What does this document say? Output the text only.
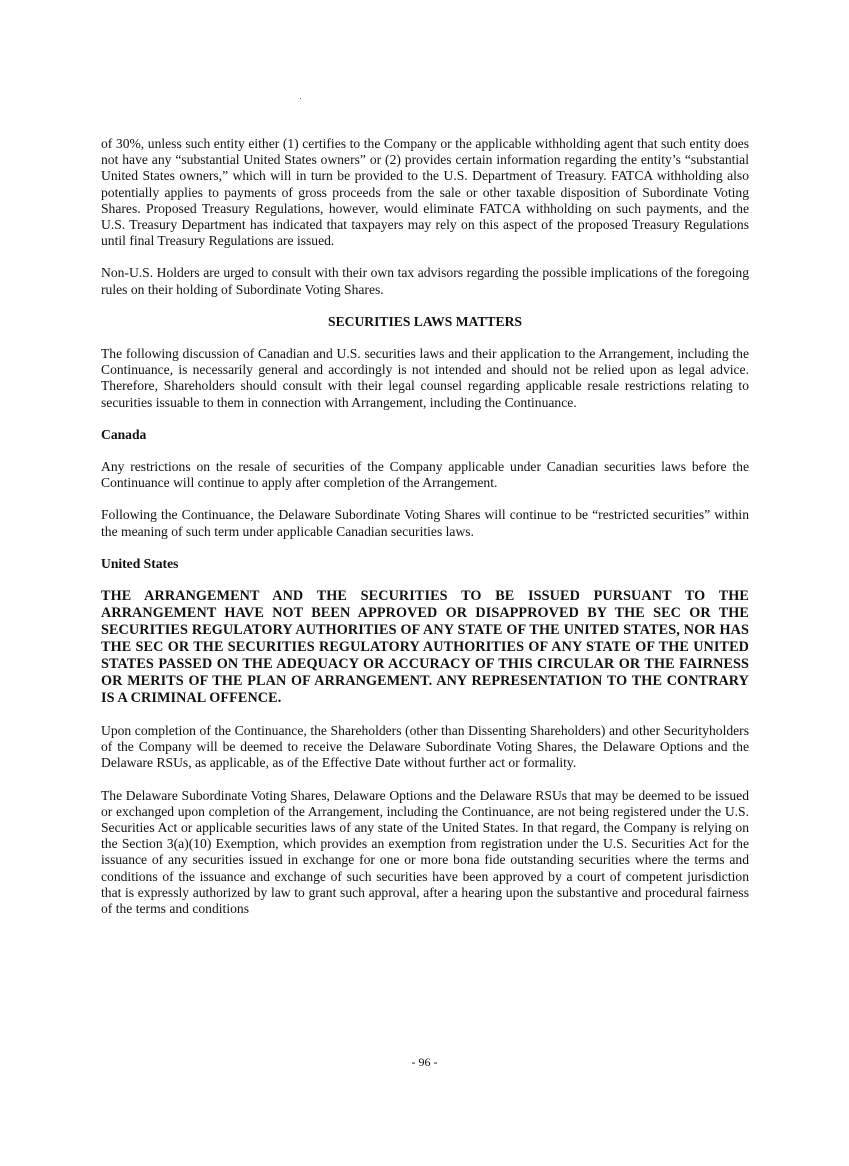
of 30%, unless such entity either (1) certifies to the Company or the applicable withholding agent that such entity does not have any “substantial United States owners” or (2) provides certain information regarding the entity’s “substantial United States owners,” which will in turn be provided to the U.S. Department of Treasury. FATCA withholding also potentially applies to payments of gross proceeds from the sale or other taxable disposition of Subordinate Voting Shares. Proposed Treasury Regulations, however, would eliminate FATCA withholding on such payments, and the U.S. Treasury Department has indicated that taxpayers may rely on this aspect of the proposed Treasury Regulations until final Treasury Regulations are issued.

Non-U.S. Holders are urged to consult with their own tax advisors regarding the possible implications of the foregoing rules on their holding of Subordinate Voting Shares.

SECURITIES LAWS MATTERS

The following discussion of Canadian and U.S. securities laws and their application to the Arrangement, including the Continuance, is necessarily general and accordingly is not intended and should not be relied upon as legal advice. Therefore, Shareholders should consult with their legal counsel regarding applicable resale restrictions relating to securities issuable to them in connection with Arrangement, including the Continuance.

Canada

Any restrictions on the resale of securities of the Company applicable under Canadian securities laws before the Continuance will continue to apply after completion of the Arrangement.

Following the Continuance, the Delaware Subordinate Voting Shares will continue to be “restricted securities” within the meaning of such term under applicable Canadian securities laws.

United States

THE ARRANGEMENT AND THE SECURITIES TO BE ISSUED PURSUANT TO THE ARRANGEMENT HAVE NOT BEEN APPROVED OR DISAPPROVED BY THE SEC OR THE SECURITIES REGULATORY AUTHORITIES OF ANY STATE OF THE UNITED STATES, NOR HAS THE SEC OR THE SECURITIES REGULATORY AUTHORITIES OF ANY STATE OF THE UNITED STATES PASSED ON THE ADEQUACY OR ACCURACY OF THIS CIRCULAR OR THE FAIRNESS OR MERITS OF THE PLAN OF ARRANGEMENT. ANY REPRESENTATION TO THE CONTRARY IS A CRIMINAL OFFENCE.

Upon completion of the Continuance, the Shareholders (other than Dissenting Shareholders) and other Securityholders of the Company will be deemed to receive the Delaware Subordinate Voting Shares, the Delaware Options and the Delaware RSUs, as applicable, as of the Effective Date without further act or formality.

The Delaware Subordinate Voting Shares, Delaware Options and the Delaware RSUs that may be deemed to be issued or exchanged upon completion of the Arrangement, including the Continuance, are not being registered under the U.S. Securities Act or applicable securities laws of any state of the United States. In that regard, the Company is relying on the Section 3(a)(10) Exemption, which provides an exemption from registration under the U.S. Securities Act for the issuance of any securities issued in exchange for one or more bona fide outstanding securities where the terms and conditions of the issuance and exchange of such securities have been approved by a court of competent jurisdiction that is expressly authorized by law to grant such approval, after a hearing upon the substantive and procedural fairness of the terms and conditions

- 96 -
